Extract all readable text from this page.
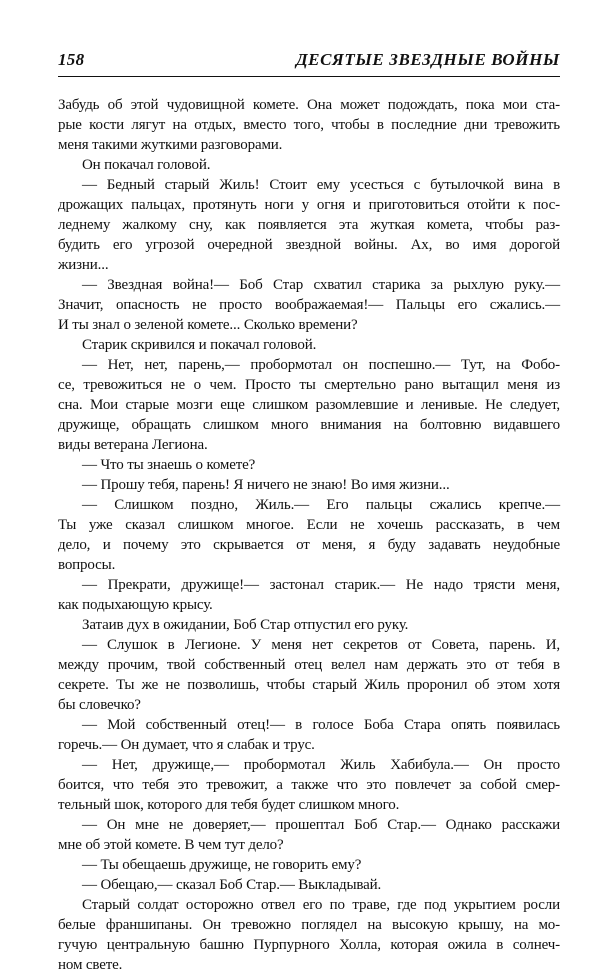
158	ДЕСЯТЫЕ ЗВЕЗДНЫЕ ВОЙНЫ
Забудь об этой чудовищной комете. Она может подождать, пока мои ста-
рые кости лягут на отдых, вместо того, чтобы в последние дни тревожить
меня такими жуткими разговорами.
Он покачал головой.
— Бедный старый Жиль! Стоит ему усесться с бутылочкой вина в
дрожащих пальцах, протянуть ноги у огня и приготовиться отойти к пос-
леднему жалкому сну, как появляется эта жуткая комета, чтобы раз-
будить его угрозой очередной звездной войны. Ах, во имя дорогой
жизни...
— Звездная война!— Боб Стар схватил старика за рыхлую руку.—
Значит, опасность не просто воображаемая!— Пальцы его сжались.—
И ты знал о зеленой комете... Сколько времени?
Старик скривился и покачал головой.
— Нет, нет, парень,— пробормотал он поспешно.— Тут, на Фобо-
се, тревожиться не о чем. Просто ты смертельно рано вытащил меня из
сна. Мои старые мозги еще слишком разомлевшие и ленивые. Не следует,
дружище, обращать слишком много внимания на болтовню видавшего
виды ветерана Легиона.
— Что ты знаешь о комете?
— Прошу тебя, парень! Я ничего не знаю! Во имя жизни...
— Слишком поздно, Жиль.— Его пальцы сжались крепче.—
Ты уже сказал слишком многое. Если не хочешь рассказать, в чем
дело, и почему это скрывается от меня, я буду задавать неудобные
вопросы.
— Прекрати, дружище!— застонал старик.— Не надо трясти меня,
как подыхающую крысу.
Затаив дух в ожидании, Боб Стар отпустил его руку.
— Слушок в Легионе. У меня нет секретов от Совета, парень. И,
между прочим, твой собственный отец велел нам держать это от тебя в
секрете. Ты же не позволишь, чтобы старый Жиль проронил об этом хотя
бы словечко?
— Мой собственный отец!— в голосе Боба Стара опять появилась
горечь.— Он думает, что я слабак и трус.
— Нет, дружище,— пробормотал Жиль Хабибула.— Он просто
боится, что тебя это тревожит, а также что это повлечет за собой смер-
тельный шок, которого для тебя будет слишком много.
— Он мне не доверяет,— прошептал Боб Стар.— Однако расскажи
мне об этой комете. В чем тут дело?
— Ты обещаешь дружище, не говорить ему?
— Обещаю,— сказал Боб Стар.— Выкладывай.
Старый солдат осторожно отвел его по траве, где под укрытием росли
белые франшипаны. Он тревожно поглядел на высокую крышу, на мо-
гучую центральную башню Пурпурного Холла, которая ожила в солнеч-
ном свете.
